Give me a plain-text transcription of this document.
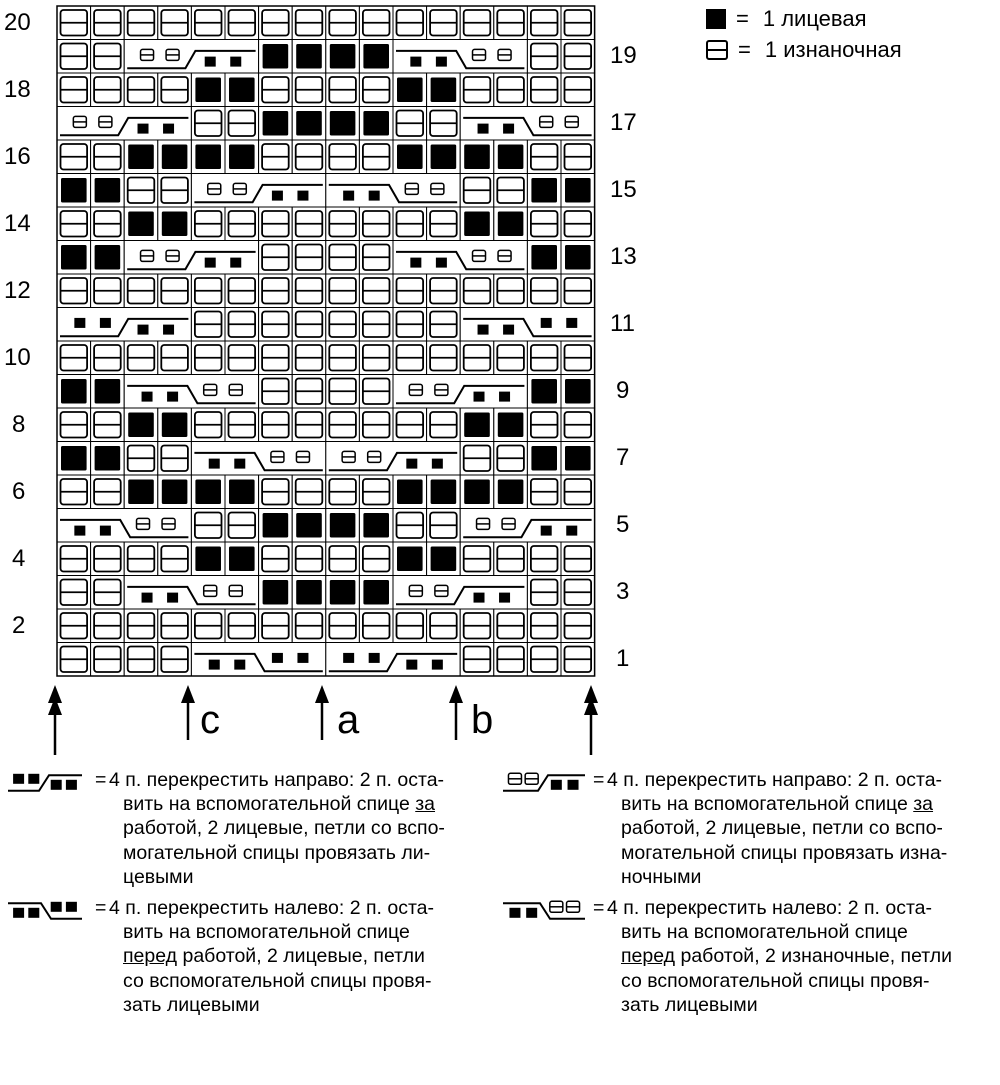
20
18
16
14
12
10
8
6
4
2
19
17
15
13
11
9
7
5
3
1
= 1 лицевая
= 1 изнаночная
c	a	b
= 4 п. перекрестить направо: 2 п. оста-
вить на вспомогательной спице за
работой, 2 лицевые, петли со вспо-
могательной спицы провязать ли-
цевыми
= 4 п. перекрестить налево: 2 п. оста-
вить на вспомогательной спице
перед работой, 2 лицевые, петли
со вспомогательной спицы провя-
зать лицевыми
= 4 п. перекрестить направо: 2 п. оста-
вить на вспомогательной спице за
работой, 2 лицевые, петли со вспо-
могательной спицы провязать изна-
ночными
= 4 п. перекрестить налево: 2 п. оста-
вить на вспомогательной спице
перед работой, 2 изнаночные, петли
со вспомогательной спицы провя-
зать лицевыми
